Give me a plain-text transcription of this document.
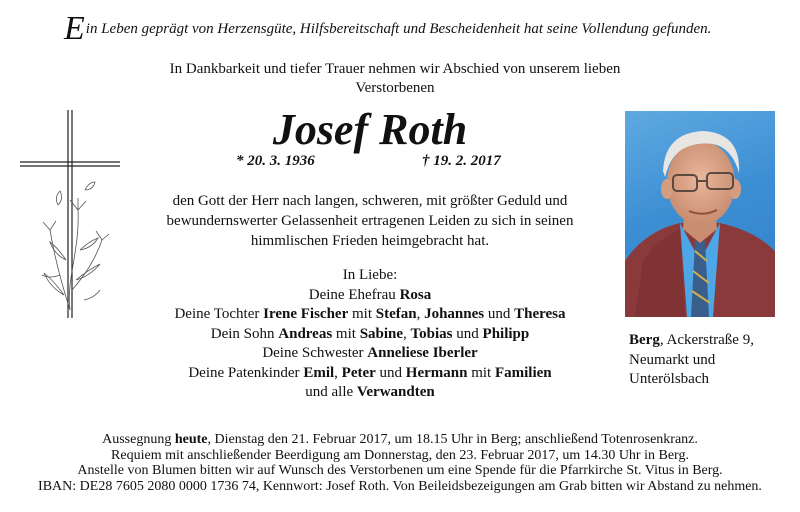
Ein Leben geprägt von Herzensgüte, Hilfsbereitschaft und Bescheidenheit hat seine Vollendung gefunden.
In Dankbarkeit und tiefer Trauer nehmen wir Abschied von unserem lieben
Verstorbenen
Josef Roth
* 20. 3. 1936	† 19. 2. 2017
den Gott der Herr nach langen, schweren, mit größter Geduld und
bewundernswerter Gelassenheit ertragenen Leiden zu sich in seinen
himmlischen Frieden heimgebracht hat.
In Liebe:
Deine Ehefrau Rosa
Deine Tochter Irene Fischer mit Stefan, Johannes und Theresa
Dein Sohn Andreas mit Sabine, Tobias und Philipp
Deine Schwester Anneliese Iberler
Deine Patenkinder Emil, Peter und Hermann mit Familien
und alle Verwandten
Berg, Ackerstraße 9,
Neumarkt und
Unterölsbach
Aussegnung heute, Dienstag den 21. Februar 2017, um 18.15 Uhr in Berg; anschließend Totenrosenkranz.
Requiem mit anschließender Beerdigung am Donnerstag, den 23. Februar 2017, um 14.30 Uhr in Berg.
Anstelle von Blumen bitten wir auf Wunsch des Verstorbenen um eine Spende für die Pfarrkirche St. Vitus in Berg.
IBAN: DE28 7605 2080 0000 1736 74, Kennwort: Josef Roth. Von Beileidsbezeigungen am Grab bitten wir Abstand zu nehmen.
